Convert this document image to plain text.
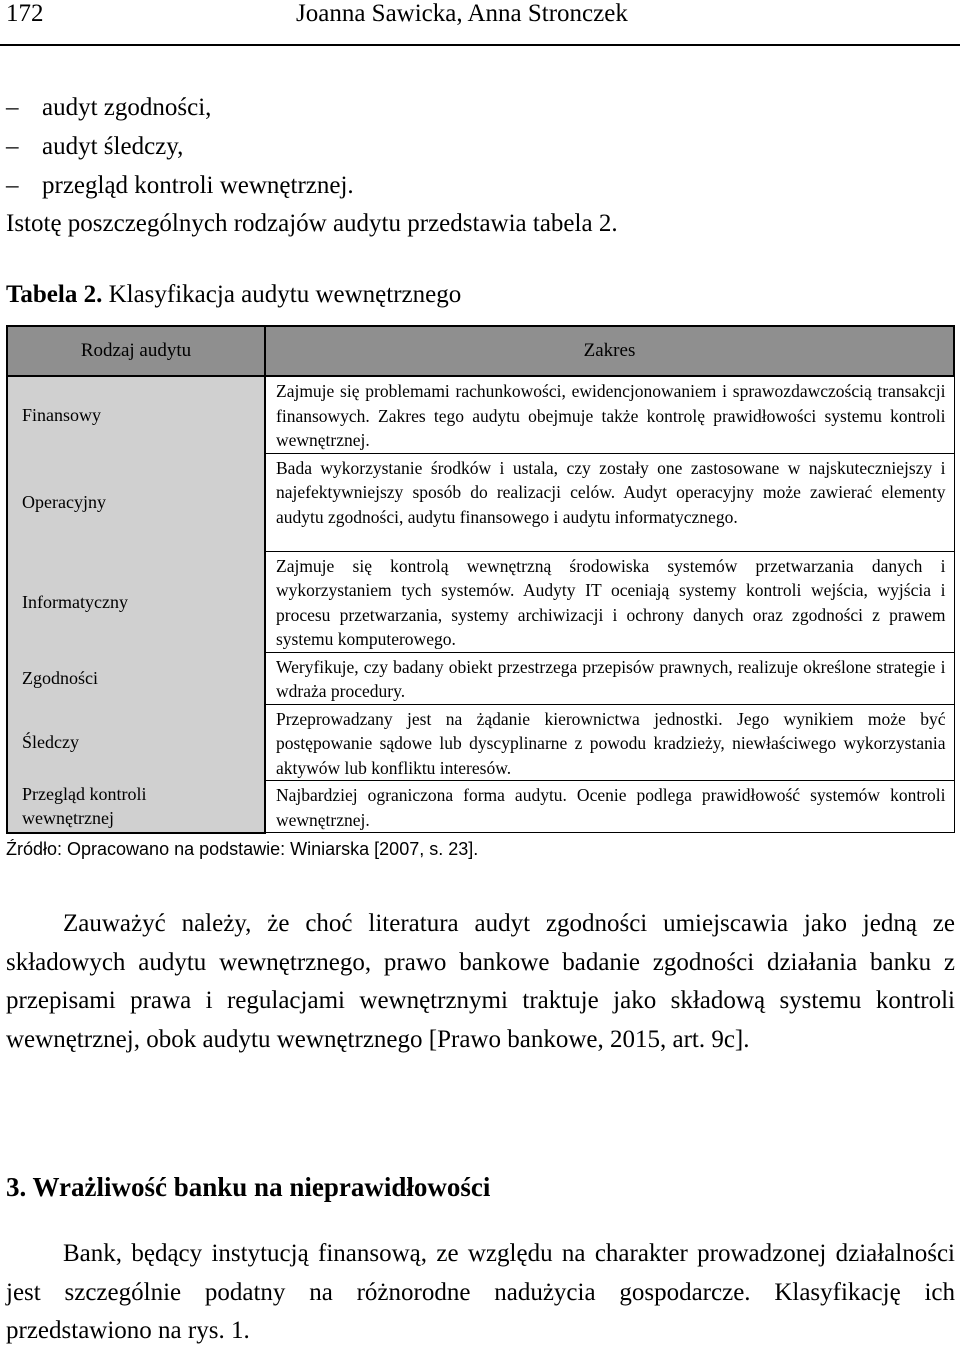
172	Joanna Sawicka, Anna Stronczek
– audyt zgodności,
– audyt śledczy,
– przegląd kontroli wewnętrznej.
Istotę poszczególnych rodzajów audytu przedstawia tabela 2.
Tabela 2. Klasyfikacja audytu wewnętrznego
Rodzaj audytu	Zakres

Finansowy	Zajmuje się problemami rachunkowości, ewidencjonowaniem i sprawozdawczością transakcji finansowych. Zakres tego audytu obejmuje także kontrolę prawidłowości systemu kontroli wewnętrznej.

Operacyjny	Bada wykorzystanie środków i ustala, czy zostały one zastosowane w najskuteczniejszy i najefektywniejszy sposób do realizacji celów. Audyt operacyjny może zawierać elementy audytu zgodności, audytu finansowego i audytu informatycznego.

Informatyczny	Zajmuje się kontrolą wewnętrzną środowiska systemów przetwarzania danych i wykorzystaniem tych systemów. Audyty IT oceniają systemy kontroli wejścia, wyjścia i procesu przetwarzania, systemy archiwizacji i ochrony danych oraz zgodności z prawem systemu komputerowego.

Zgodności	Weryfikuje, czy badany obiekt przestrzega przepisów prawnych, realizuje określone strategie i wdraża procedury.

Śledczy	Przeprowadzany jest na żądanie kierownictwa jednostki. Jego wynikiem może być postępowanie sądowe lub dyscyplinarne z powodu kradzieży, niewłaściwego wykorzystania aktywów lub konfliktu interesów.

Przegląd kontroli wewnętrznej	Najbardziej ograniczona forma audytu. Ocenie podlega prawidłowość systemów kontroli wewnętrznej.
Źródło: Opracowano na podstawie: Winiarska [2007, s. 23].
Zauważyć należy, że choć literatura audyt zgodności umiejscawia jako jedną ze składowych audytu wewnętrznego, prawo bankowe badanie zgodności działania banku z przepisami prawa i regulacjami wewnętrznymi traktuje jako składową systemu kontroli wewnętrznej, obok audytu wewnętrznego [Prawo bankowe, 2015, art. 9c].
3. Wrażliwość banku na nieprawidłowości
Bank, będący instytucją finansową, ze względu na charakter prowadzonej działalności jest szczególnie podatny na różnorodne nadużycia gospodarcze. Klasyfikację ich przedstawiono na rys. 1.
